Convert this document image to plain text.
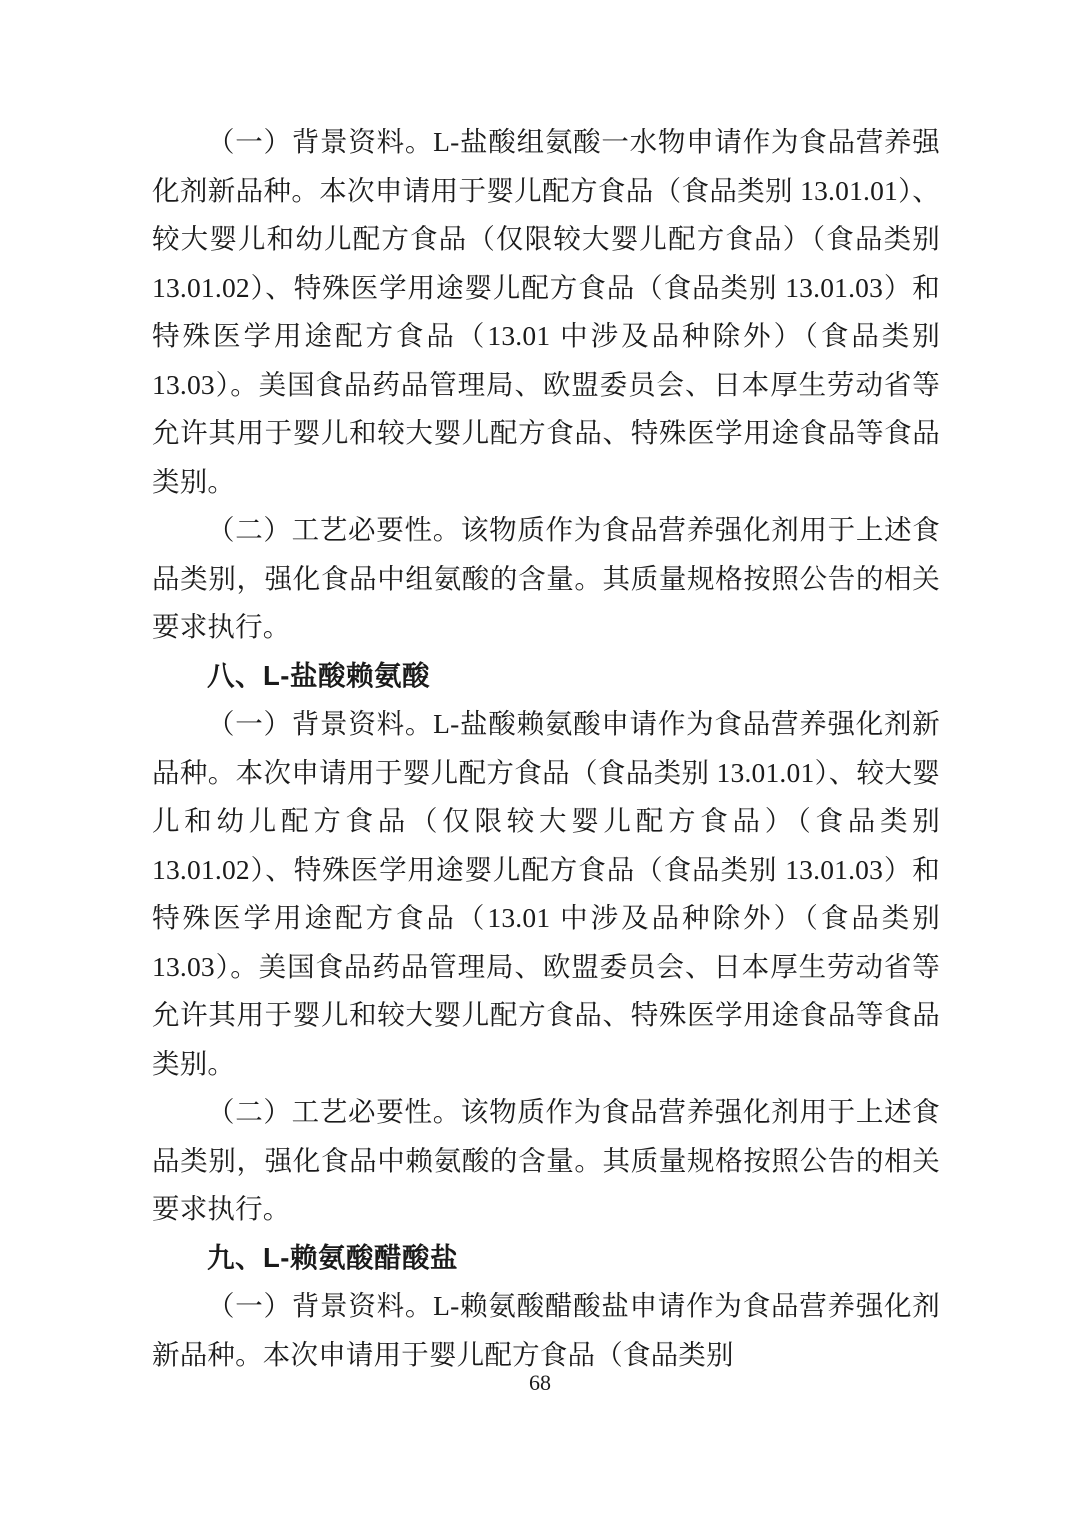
（一）背景资料。L-盐酸组氨酸一水物申请作为食品营养强化剂新品种。本次申请用于婴儿配方食品（食品类别 13.01.01）、较大婴儿和幼儿配方食品（仅限较大婴儿配方食品）（食品类别 13.01.02）、特殊医学用途婴儿配方食品（食品类别 13.01.03）和特殊医学用途配方食品（13.01 中涉及品种除外）（食品类别 13.03）。美国食品药品管理局、欧盟委员会、日本厚生劳动省等允许其用于婴儿和较大婴儿配方食品、特殊医学用途食品等食品类别。

（二）工艺必要性。该物质作为食品营养强化剂用于上述食品类别，强化食品中组氨酸的含量。其质量规格按照公告的相关要求执行。

八、L-盐酸赖氨酸

（一）背景资料。L-盐酸赖氨酸申请作为食品营养强化剂新品种。本次申请用于婴儿配方食品（食品类别 13.01.01）、较大婴儿和幼儿配方食品（仅限较大婴儿配方食品）（食品类别 13.01.02）、特殊医学用途婴儿配方食品（食品类别 13.01.03）和特殊医学用途配方食品（13.01 中涉及品种除外）（食品类别 13.03）。美国食品药品管理局、欧盟委员会、日本厚生劳动省等允许其用于婴儿和较大婴儿配方食品、特殊医学用途食品等食品类别。

（二）工艺必要性。该物质作为食品营养强化剂用于上述食品类别，强化食品中赖氨酸的含量。其质量规格按照公告的相关要求执行。

九、L-赖氨酸醋酸盐

（一）背景资料。L-赖氨酸醋酸盐申请作为食品营养强化剂新品种。本次申请用于婴儿配方食品（食品类别

68
